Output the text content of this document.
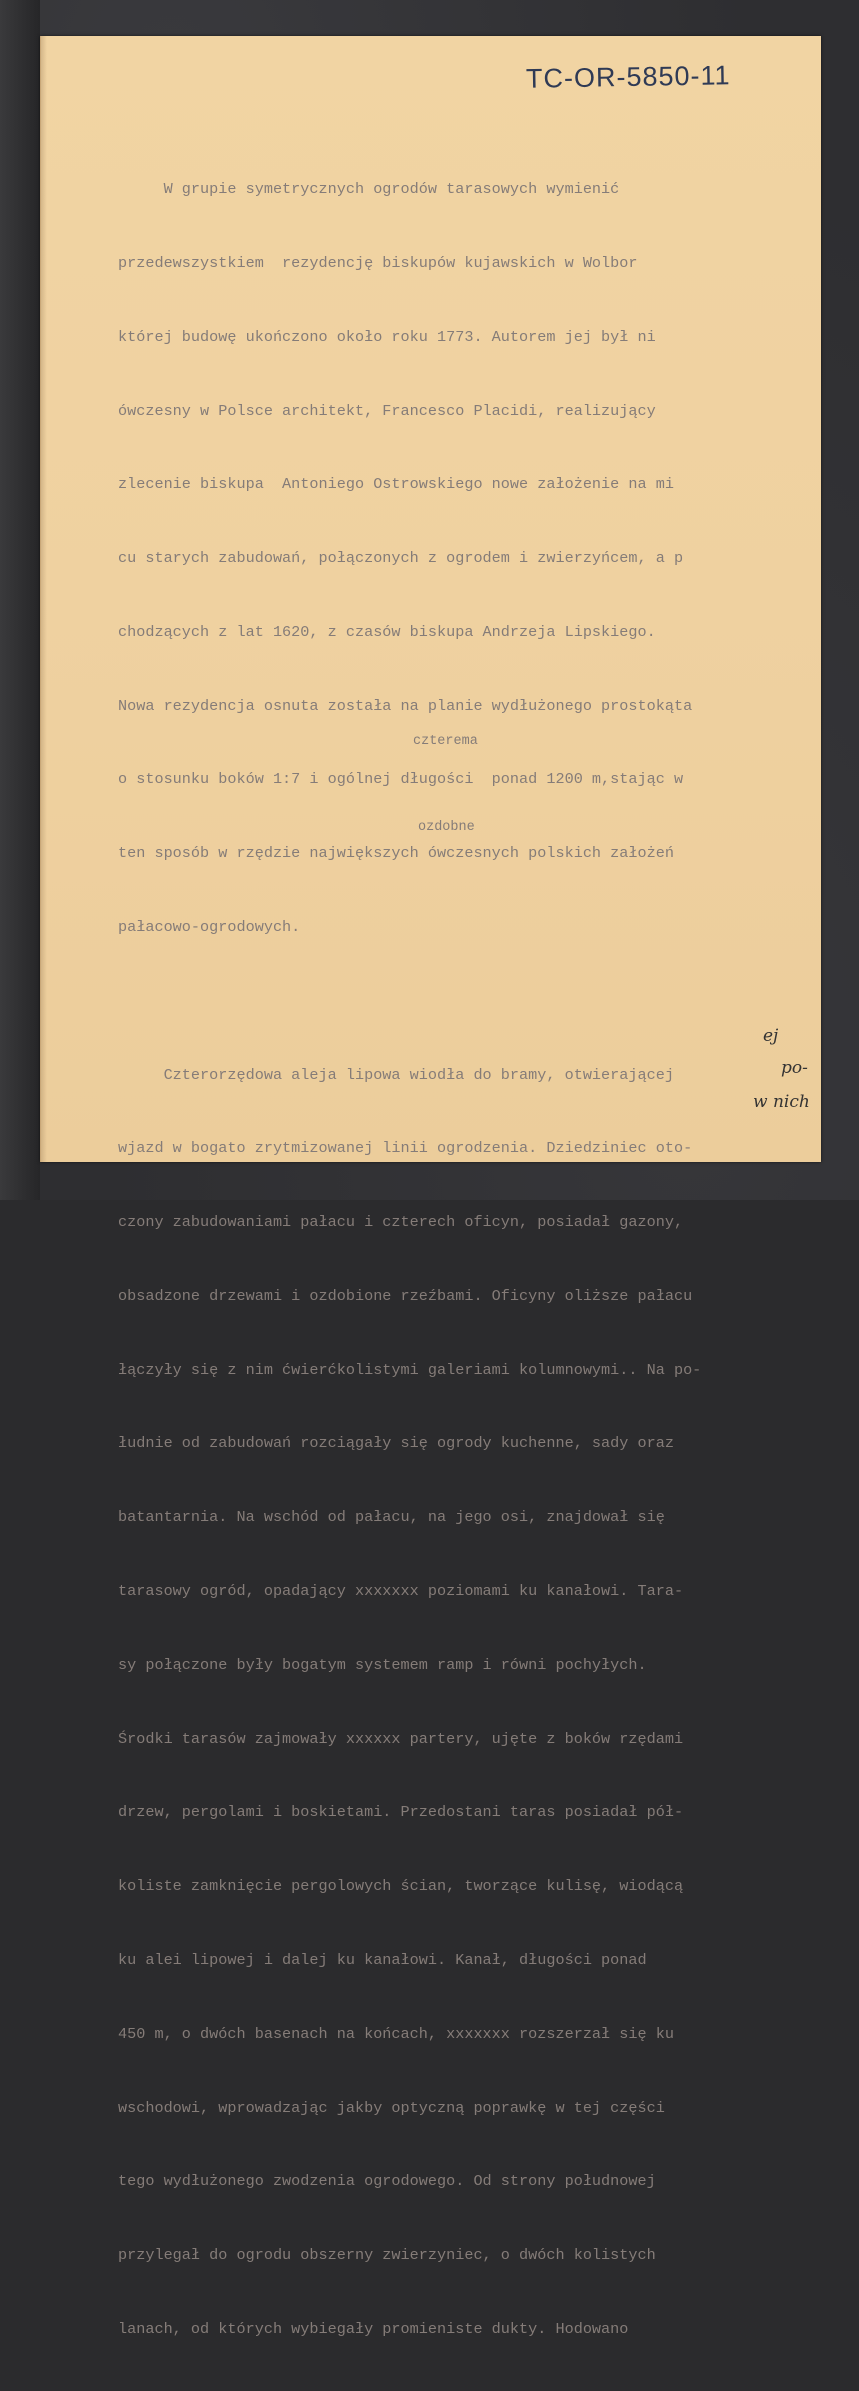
TC-OR-5850-11

W grupie symetrycznych ogrodów tarasowych wymienić

przedewszystkiem  rezydencję biskupów kujawskich w Wolbor

której budowę ukończono około roku 1773. Autorem jej był ni

ówczesny w Polsce architekt, Francesco Placidi, realizujący

zlecenie biskupa  Antoniego Ostrowskiego nowe założenie na mi

cu starych zabudowań, połączonych z ogrodem i zwierzyńcem, a p

chodzących z lat 1620, z czasów biskupa Andrzeja Lipskiego.

Nowa rezydencja osnuta została na planie wydłużonego prostokąta

o stosunku boków 1:7 i ogólnej długości  ponad 1200 m,stając w

ten sposób w rzędzie największych ówczesnych polskich założeń

pałacowo-ogrodowych.

Czterorzędowa aleja lipowa wiodła do bramy, otwierającej

wjazd w bogato zrytmizowanej linii ogrodzenia. Dziedziniec oto-

czony zabudowaniami pałacu i czterech oficyn, posiadał gazony,

obsadzone drzewami i ozdobione rzeźbami. Oficyny oliższe pałacu

łączyły się z nim ćwierćkolistymi galeriami kolumnowymi.. Na po-

łudnie od zabudowań rozciągały się ogrody kuchenne, sady oraz

batantarnia. Na wschód od pałacu, na jego osi, znajdował się

tarasowy ogród, opadający xxxxxxx poziomami ku kanałowi. Tara-

sy połączone były bogatym systemem ramp i równi pochyłych.

Środki tarasów zajmowały xxxxxx partery, ujęte z boków rzędami

drzew, pergolami i boskietami. Przedostani taras posiadał pół-

koliste zamknięcie pergolowych ścian, tworzące kulisę, wiodącą

ku alei lipowej i dalej ku kanałowi. Kanał, długości ponad

450 m, o dwóch basenach na końcach, xxxxxxx rozszerzał się ku

wschodowi, wprowadzając jakby optyczną poprawkę w tej części

tego wydłużonego zwodzenia ogrodowego. Od strony połudnowej

przylegał do ogrodu obszerny zwierzyniec, o dwóch kolistych

lanach, od których wybiegały promieniste dukty. Hodowano

czterema
ozdobne
ej
po-
w nich
